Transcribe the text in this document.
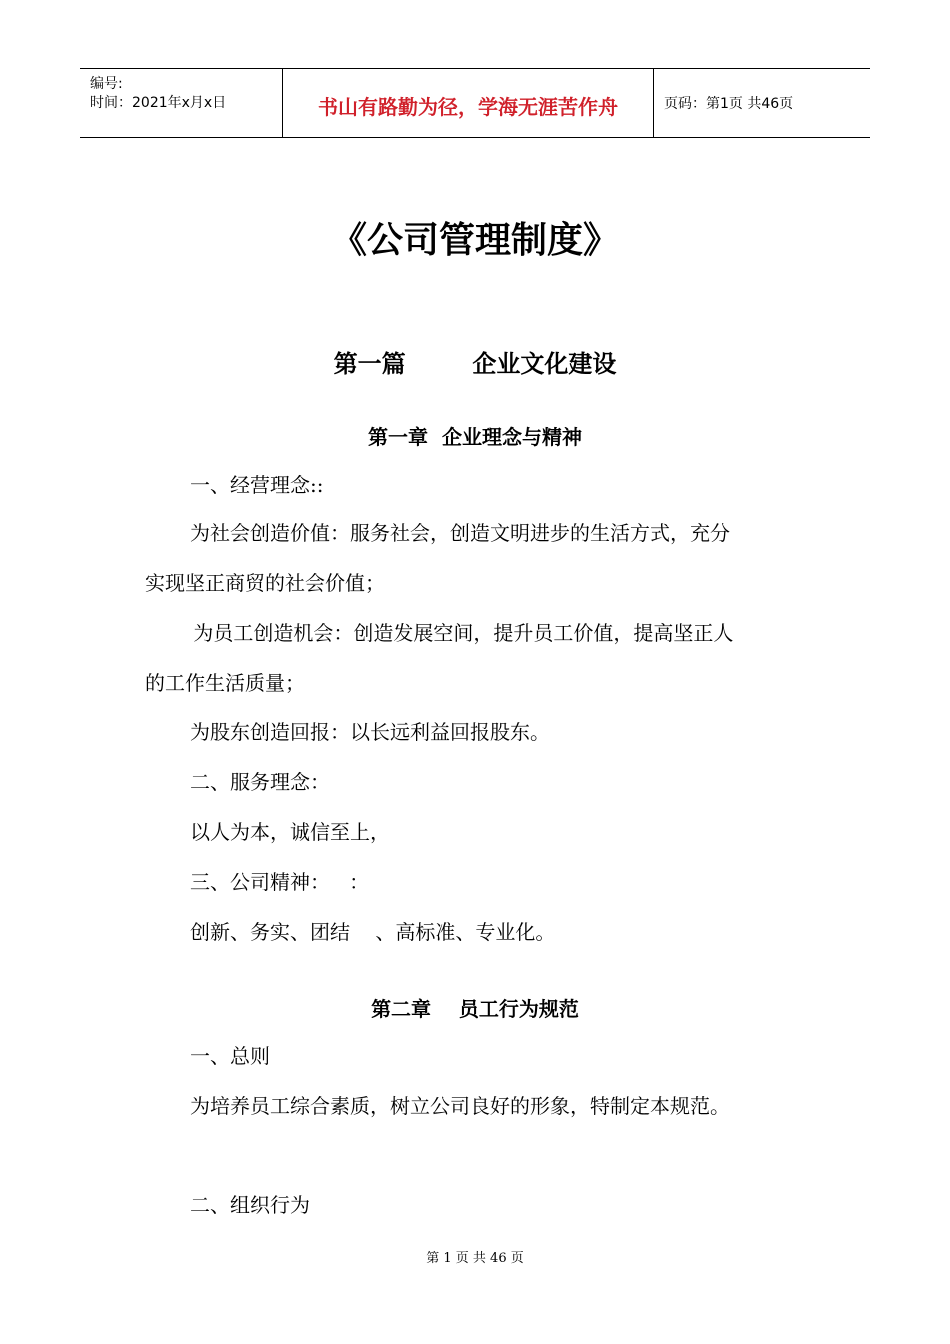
编号:
时间：2021年x月x日	书山有路勤为径，学海无涯苦作舟	页码：第1页 共46页
《公司管理制度》
第一篇        企业文化建设
第一章  企业理念与精神
一、经营理念::
为社会创造价值：服务社会，创造文明进步的生活方式，充分
实现坚正商贸的社会价值；
为员工创造机会：创造发展空间，提升员工价值，提高坚正人
的工作生活质量；
为股东创造回报：以长远利益回报股东。
二、服务理念：
以人为本，诚信至上，
三、公司精神：   ：
创新、务实、团结    、高标准、专业化。
第二章    员工行为规范
一、总则
为培养员工综合素质，树立公司良好的形象，特制定本规范。
二、组织行为
第 1 页 共 46 页
